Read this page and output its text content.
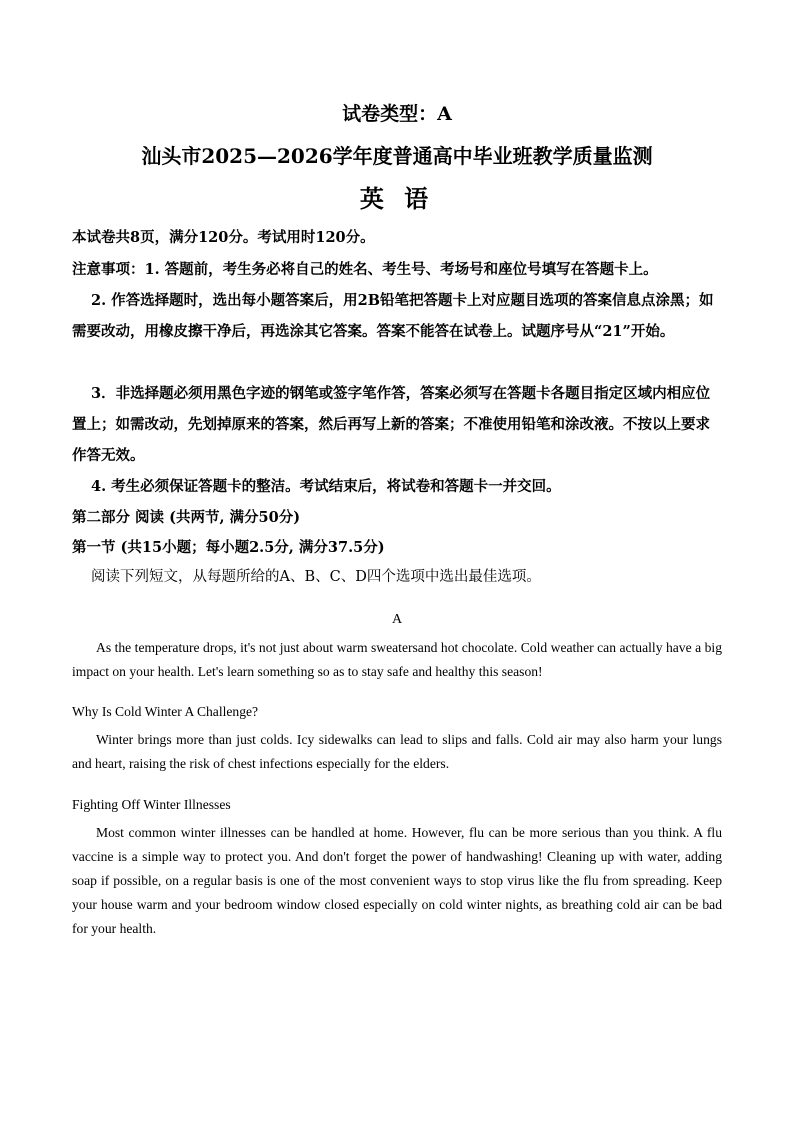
试卷类型：A
汕头市2025—2026学年度普通高中毕业班教学质量监测
英 语
本试卷共8页，满分120分。考试用时120分。
注意事项：1. 答题前，考生务必将自己的姓名、考生号、考场号和座位号填写在答题卡上。
2. 作答选择题时，选出每小题答案后，用2B铅笔把答题卡上对应题目选项的答案信息点涂黑；如需要改动，用橡皮擦干净后，再选涂其它答案。答案不能答在试卷上。试题序号从“21”开始。
3．非选择题必须用黑色字迹的钢笔或签字笔作答，答案必须写在答题卡各题目指定区域内相应位置上；如需改动，先划掉原来的答案，然后再写上新的答案；不准使用铅笔和涂改液。不按以上要求作答无效。
4. 考生必须保证答题卡的整洁。考试结束后，将试卷和答题卡一并交回。
第二部分 阅读 (共两节, 满分50分)
第一节 (共15小题；每小题2.5分, 满分37.5分)
阅读下列短文，从每题所给的A、B、C、D四个选项中选出最佳选项。
A
As the temperature drops, it's not just about warm sweatersand hot chocolate. Cold weather can actually have a big impact on your health. Let's learn something so as to stay safe and healthy this season!
Why Is Cold Winter A Challenge?
Winter brings more than just colds. Icy sidewalks can lead to slips and falls. Cold air may also harm your lungs and heart, raising the risk of chest infections especially for the elders.
Fighting Off Winter Illnesses
Most common winter illnesses can be handled at home. However, flu can be more serious than you think. A flu vaccine is a simple way to protect you. And don't forget the power of handwashing! Cleaning up with water, adding soap if possible, on a regular basis is one of the most convenient ways to stop virus like the flu from spreading. Keep your house warm and your bedroom window closed especially on cold winter nights, as breathing cold air can be bad for your health.
